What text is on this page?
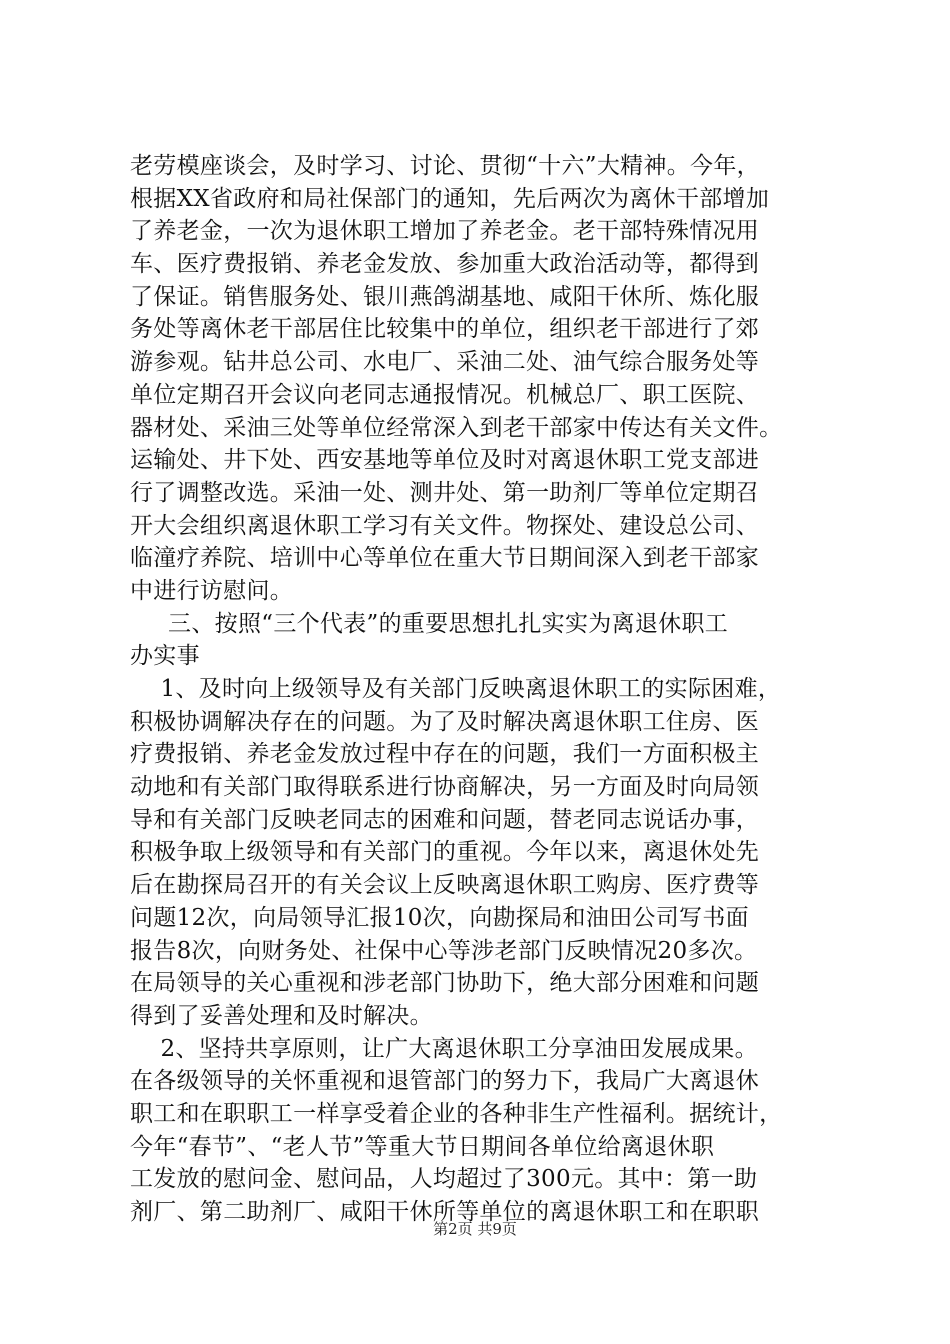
老劳模座谈会，及时学习、讨论、贯彻“十六”大精神。今年，
根据XX省政府和局社保部门的通知，先后两次为离休干部增加
了养老金，一次为退休职工增加了养老金。老干部特殊情况用
车、医疗费报销、养老金发放、参加重大政治活动等，都得到
了保证。销售服务处、银川燕鸽湖基地、咸阳干休所、炼化服
务处等离休老干部居住比较集中的单位，组织老干部进行了郊
游参观。钻井总公司、水电厂、采油二处、油气综合服务处等
单位定期召开会议向老同志通报情况。机械总厂、职工医院、
器材处、采油三处等单位经常深入到老干部家中传达有关文件。
运输处、井下处、西安基地等单位及时对离退休职工党支部进
行了调整改选。采油一处、测井处、第一助剂厂等单位定期召
开大会组织离退休职工学习有关文件。物探处、建设总公司、
临潼疗养院、培训中心等单位在重大节日期间深入到老干部家
中进行访慰问。
三、按照“三个代表”的重要思想扎扎实实为离退休职工
办实事
1、及时向上级领导及有关部门反映离退休职工的实际困难，
积极协调解决存在的问题。为了及时解决离退休职工住房、医
疗费报销、养老金发放过程中存在的问题，我们一方面积极主
动地和有关部门取得联系进行协商解决，另一方面及时向局领
导和有关部门反映老同志的困难和问题，替老同志说话办事，
积极争取上级领导和有关部门的重视。今年以来，离退休处先
后在勘探局召开的有关会议上反映离退休职工购房、医疗费等
问题12次，向局领导汇报10次，向勘探局和油田公司写书面
报告8次，向财务处、社保中心等涉老部门反映情况20多次。
在局领导的关心重视和涉老部门协助下，绝大部分困难和问题
得到了妥善处理和及时解决。
2、坚持共享原则，让广大离退休职工分享油田发展成果。
在各级领导的关怀重视和退管部门的努力下，我局广大离退休
职工和在职职工一样享受着企业的各种非生产性福利。据统计，
今年“春节”、“老人节”等重大节日期间各单位给离退休职
工发放的慰问金、慰问品，人均超过了300元。其中：第一助
剂厂、第二助剂厂、咸阳干休所等单位的离退休职工和在职职
第2页 共9页
